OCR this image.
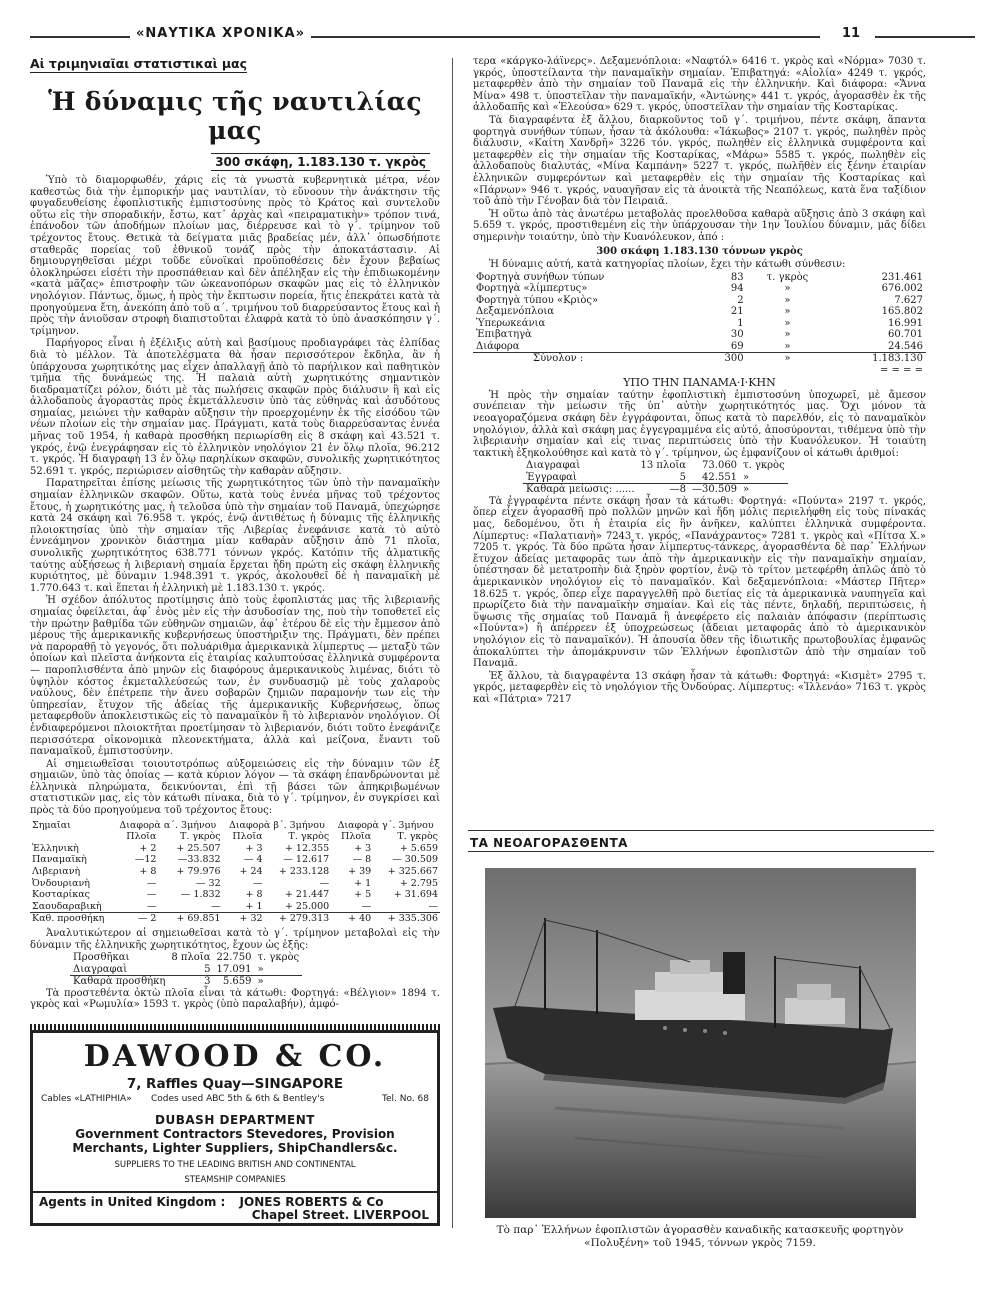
«ΝΑΥΤΙΚΑ ΧΡΟΝΙΚΑ»	11
Αἱ τριμηνιαῖαι στατιστικαὶ μας
Ἡ δύναμις τῆς ναυτιλίας μας
300 σκάφη, 1.183.130 τ. γκρὸς

Ὑπὸ τὸ διαμορφωθέν, χάρις εἰς τὰ γνωστὰ κυβερνητικὰ μέτρα, νέον καθεστὼς διὰ τὴν ἐμπορικήν μας ναυτιλίαν, τὸ εὔνοουν τὴν ἀνάκτησιν τῆς φυγαδευθείσης ἐφοπλιστικῆς ἐμπιστοσύνης πρὸς τὸ Κράτος καὶ συντελοῦν οὕτω εἰς τὴν σποραδικήν, ἔστω, κατ᾽ ἀρχὰς καὶ «πειραματικὴν» τρόπον τινά, ἐπάνοδον τῶν ἀποδήμων πλοίων μας, διέρρευσε καὶ τὸ γ΄. τρίμηνον τοῦ τρέχοντος ἔτους. Θετικὰ τὰ δείγματα μιᾶς βραδείας μέν, ἀλλ᾽ ὁπωσδήποτε σταθερᾶς πορείας τοῦ ἐθνικοῦ τονάζ πρὸς τὴν ἀποκατάστασιν. Αἱ δημιουργηθεῖσαι μέχρι τοῦδε εὐνοϊκαὶ προϋποθέσεις δὲν ἔχουν βεβαίως ὁλοκληρώσει εἰσέτι τὴν προσπάθειαν καὶ δὲν ἀπέληξαν εἰς τὴν ἐπιδιωκομένην «κατὰ μᾶζας» ἐπιστροφὴν τῶν ὠκεανοπόρων σκαφῶν μας εἰς τὸ ἑλληνικὸν νηολόγιον. Πάντως, ὅμως, ἡ πρὸς τὴν ἔκπτωσιν πορεία, ἥτις ἐπεκράτει κατὰ τὰ προηγούμενα ἔτη, ἀνεκόπη ἀπὸ τοῦ α΄. τριμήνου τοῦ διαρρεύσαντος ἔτους καὶ ἡ πρὸς τὴν ἀνιοῦσαν στροφὴ διαπιστοῦται ἐλαφρὰ κατὰ τὸ ὑπὸ ἀνασκόπησιν γ΄. τρίμηνον.

Παρήγορος εἶναι ἡ ἐξέλιξις αὐτὴ καὶ βασίμους προδιαγράφει τὰς ἐλπίδας διὰ τὸ μέλλον. Τὰ ἀποτελέσματα θὰ ἦσαν περισσότερον ἔκδηλα, ἂν ἡ ὑπάρχουσα χωρητικότης μας εἶχεν ἀπαλλαγῇ ἀπὸ τὸ παρήλικον καὶ παθητικὸν τμῆμα τῆς δυνάμεώς της. Ἡ παλαιὰ αὐτὴ χωρητικότης σημαντικὸν διαδραματίζει ρόλον, διότι μὲ τὰς πωλήσεις σκαφῶν πρὸς διάλυσιν ἢ καὶ εἰς ἀλλοδαποὺς ἀγοραστὰς πρὸς ἐκμετάλλευσιν ὑπὸ τὰς εὐθηνὰς καὶ ἀσυδότους σημαίας, μειώνει τὴν καθαρὰν αὔξησιν τὴν προερχομένην ἐκ τῆς εἰσόδου τῶν νέων πλοίων εἰς τὴν σημαίαν μας. Πράγματι, κατὰ τοὺς διαρρεύσαντας ἐννέα μῆνας τοῦ 1954, ἡ καθαρὰ προσθήκη περιωρίσθη εἰς 8 σκάφη καὶ 43.521 τ. γκρός, ἐνῷ ἐνεγράφησαν εἰς τὸ ἑλληνικὸν νηολόγιον 21 ἐν ὅλῳ πλοῖα, 96.212 τ. γκρός. Ἡ διαγραφὴ 13 ἐν ὅλῳ παρηλίκων σκαφῶν, συνολικῆς χωρητικότητος 52.691 τ. γκρός, περιώρισεν αἰσθητῶς τὴν καθαρὰν αὔξησιν.

Παρατηρεῖται ἐπίσης μείωσις τῆς χωρητικότητος τῶν ὑπὸ τὴν παναμαϊκὴν σημαίαν ἑλληνικῶν σκαφῶν. Οὕτω, κατὰ τοὺς ἐννέα μῆνας τοῦ τρέχοντος ἔτους, ἡ χωρητικότης μας, ἡ τελοῦσα ὑπὸ τὴν σημαίαν τοῦ Παναμᾶ, ὑπεχώρησε κατὰ 24 σκάφη καὶ 76.958 τ. γκρός, ἐνῷ ἀντιθέτως ἡ δύναμις τῆς ἑλληνικῆς πλοιοκτησίας ὑπὸ τὴν σημαίαν τῆς Λιβερίας ἐνεφάνισε κατὰ τὸ αὐτὸ ἐννεάμηνον χρονικὸν διάστημα μίαν καθαρὰν αὔξησιν ἀπὸ 71 πλοῖα, συνολικῆς χωρητικότητος 638.771 τόννων γκρός. Κατόπιν τῆς ἁλματικῆς ταύτης αὐξήσεως ἡ λιβεριανὴ σημαία ἔρχεται ἤδη πρώτη εἰς σκάφη ἑλληνικῆς κυριότητος, μὲ δύναμιν 1.948.391 τ. γκρός, ἀκολουθεῖ δὲ ἡ παναμαϊκὴ μὲ 1.770.643 τ. καὶ ἕπεται ἡ ἑλληνικὴ μὲ 1.183.130 τ. γκρός.

Ἡ σχέδον ἀπόλυτος προτίμησις ἀπὸ τοὺς ἐφοπλιστάς μας τῆς λιβεριανῆς σημαίας ὀφείλεται, ἀφ᾽ ἑνὸς μὲν εἰς τὴν ἀσυδοσίαν της, ποὺ τὴν τοποθετεῖ εἰς τὴν πρώτην βαθμίδα τῶν εὐθηνῶν σημαιῶν, ἀφ᾽ ἑτέρου δὲ εἰς τὴν ἔμμεσον ἀπὸ μέρους τῆς ἀμερικανικῆς κυβερνήσεως ὑποστήριξιν της. Πράγματι, δὲν πρέπει νὰ παροραθῇ τὸ γεγονός, ὅτι πολυάριθμα ἀμερικανικὰ λίμπερτυς — μεταξὺ τῶν ὁποίων καὶ πλεῖστα ἀνήκοντα εἰς ἑταιρίας καλυπτούσας ἑλληνικὰ συμφέροντα — παροπλισθέντα ἀπὸ μηνῶν εἰς διαφόρους ἀμερικανικοὺς λιμένας, διότι τὸ ὑψηλὸν κόστος ἐκμεταλλεύσεώς των, ἐν συνδυασμῷ μὲ τοὺς χαλαροὺς ναύλους, δὲν ἐπέτρεπε τὴν ἄνευ σοβαρῶν ζημιῶν παραμονήν των εἰς τὴν ὑπηρεσίαν, ἔτυχον τῆς ἀδείας τῆς ἀμερικανικῆς Κυβερνήσεως, ὅπως μεταφερθοῦν ἀποκλειστικῶς εἰς τὸ παναμαϊκὸν ἢ τὸ λιβεριανὸν νηολόγιον. Οἱ ἐνδιαφερόμενοι πλοιοκτῆται προετίμησαν τὸ λιβεριανόν, διότι τοῦτο ἐνεφάνιζε περισσότερα οἰκονομικὰ πλεονεκτήματα, ἀλλὰ καὶ μείζονα, ἔναντι τοῦ παναμαϊκοῦ, ἐμπιστοσύνην.

Αἱ σημειωθεῖσαι τοιουτοτρόπως αὐξομειώσεις εἰς τὴν δύναμιν τῶν ἐξ σημαιῶν, ὑπὸ τὰς ὁποίας — κατὰ κύριον λόγον — τὰ σκάφη ἐπανδρώνονται μὲ ἑλληνικὰ πληρώματα, δεικνύονται, ἐπὶ τῇ βάσει τῶν ἀπηκριβωμένων στατιστικῶν μας, εἰς τὸν κάτωθι πίνακα, διὰ τὸ γ΄. τρίμηνον, ἐν συγκρίσει καὶ πρὸς τὰ δύο προηγούμενα τοῦ τρέχοντος ἔτους:

Σημαῖαι	Διαφορὰ α΄. 3μήνου		Διαφορὰ β΄. 3μήνου		Διαφορὰ γ΄. 3μήνου	
	Πλοῖα	Τ. γκρὸς	Πλοῖα	Τ. γκρὸς	Πλοῖα	Τ. γκρὸς
Ἑλληνικὴ	+ 2	+ 25.507	+ 3	+ 12.355	+ 3	+ 5.659
Παναμαϊκὴ	—12	—33.832	— 4	— 12.617	— 8	— 30.509
Λιβεριανὴ	+ 8	+ 79.976	+ 24	+ 233.128	+ 39	+ 325.667
Ὀνδουριανὴ	—	— 32	—	—	+ 1	+ 2.795
Κοσταρίκας	—	— 1.832	+ 8	+ 21.447	+ 5	+ 31.694
Σαουδαραβικὴ	—	—	+ 1	+ 25.000	—	—
Καθ. προσθήκη	— 2	+ 69.851	+ 32	+ 279.313	+ 40	+ 335.306

Ἀναλυτικώτερον αἱ σημειωθεῖσαι κατὰ τὸ γ΄. τρίμηνον μεταβολαὶ εἰς τὴν δύναμιν τῆς ἑλληνικῆς χωρητικότητος, ἔχουν ὡς ἑξῆς:

Προσθῆκαι	8 πλοῖα	22.750	τ. γκρὸς
Διαγραφαὶ	5	17.091	»
Καθαρὰ προσθήκη	3	5.659	»

Τὰ προστεθέντα ὀκτὼ πλοῖα εἶναι τὰ κάτωθι: Φορτηγά: «Βέλγιον» 1894 τ. γκρὸς καὶ «Ρωμυλία» 1593 τ. γκρὸς (ὑπὸ παραλαβήν), ἀμφό-

DAWOOD & CO.
7, Raffles Quay—SINGAPORE
Cables «LATHIPHIA» Codes used ABC 5th & 6th & Bentley's	Tel. No. 68
DUBASH DEPARTMENT
Government Contractors Stevedores, Provision
Merchants, Lighter Suppliers, ShipChandlers&c.
SUPPLIERS TO THE LEADING BRITISH AND CONTINENTAL
STEAMSHIP COMPANIES
Agents in United Kingdom : JONES ROBERTS & Co
Chapel Street. LIVERPOOL

τερα «κάργκο-λάϊνερς». Δεξαμενόπλοια: «Ναφτόλ» 6416 τ. γκρὸς καὶ «Νόρμα» 7030 τ. γκρός, ὑποστείλαντα τὴν παναμαϊκὴν σημαίαν. Ἐπιβατηγά: «Αἰολία» 4249 τ. γκρός, μεταφερθὲν ἀπὸ τὴν σημαίαν τοῦ Παναμᾶ εἰς τὴν ἑλληνικήν. Καὶ διάφορα: «Ἄννα Μίνα» 498 τ. ὑποστεῖλαν τὴν παναμαϊκήν, «Ἀντώνης» 441 τ. γκρός, ἀγορασθὲν ἐκ τῆς ἀλλοδαπῆς καὶ «Ἐλεούσα» 629 τ. γκρός, ὑποστεῖλαν τὴν σημαίαν τῆς Κοσταρίκας.

Τὰ διαγραφέντα ἐξ ἄλλου, διαρκοῦντος τοῦ γ΄. τριμήνου, πέντε σκάφη, ἅπαντα φορτηγὰ συνήθων τύπων, ἦσαν τὰ ἀκόλουθα: «Ἰάκωβος» 2107 τ. γκρός, πωληθὲν πρὸς διάλυσιν, «Καίτη Χανδρῆ» 3226 τόν. γκρός, πωληθὲν εἰς ἑλληνικὰ συμφέροντα καὶ μεταφερθὲν εἰς τὴν σημαίαν τῆς Κοσταρίκας, «Μάρω» 5585 τ. γκρός, πωληθὲν εἰς ἀλλοδαποὺς διαλυτάς, «Μίνα Καμπάνη» 5227 τ. γκρός, πωλῆθὲν εἰς ξένην ἑταιρίαν ἑλληνικῶν συμφερόντων καὶ μεταφερθὲν εἰς τὴν σημαίαν τῆς Κοσταρίκας καὶ «Πάρνων» 946 τ. γκρός, ναυαγῆσαν εἰς τὰ ἀνοικτὰ τῆς Νεαπόλεως, κατὰ ἕνα ταξίδιον τοῦ ἀπὸ τὴν Γένοβαν διὰ τὸν Πειραιᾶ.

Ἡ οὕτω ἀπὸ τὰς ἀνωτέρω μεταβολὰς προελθοῦσα καθαρὰ αὔξησις ἀπὸ 3 σκάφη καὶ 5.659 τ. γκρός, προστιθεμένη εἰς τὴν ὑπάρχουσαν τὴν 1ην Ἰουλίου δύναμιν, μᾶς δίδει σημερινὴν τοιαύτην, ὑπὸ τὴν Κυανόλευκον, ἀπό :

300 σκάφη 1.183.130 τόννων γκρὸς

Ἡ δύναμις αὐτή, κατὰ κατηγορίας πλοίων, ἔχει τὴν κάτωθι σύνθεσιν:

Φορτηγὰ συνήθων τύπων	83	τ. γκρὸς	231.461
Φορτηγὰ «λίμπερτυς»	94	»	676.002
Φορτηγὰ τύπου «Κριὸς»	2	»	7.627
Δεξαμενόπλοια	21	»	165.802
Ὑπερωκεάνια	1	»	16.991
Ἐπιβατηγὰ	30	»	60.701
Διάφορα	69	»	24.546
Σύνολον :	300	»	1.183.130
			= = = =

ΥΠΟ ΤΗΝ ΠΑΝΑΜΑ·Ι·ΚΗΝ

Ἡ πρὸς τὴν σημαίαν ταύτην ἐφοπλιστικὴ ἐμπιστοσύνη ὑποχωρεῖ, μὲ ἄμεσον συνέπειαν τὴν μείωσιν τῆς ὑπ᾽ αὐτὴν χωρητικότητός μας. Ὄχι μόνον τὰ νεοαγοραζόμενα σκάφη δὲν ἐγγράφονται, ὅπως κατὰ τὸ παρελθόν, εἰς τὸ παναμαϊκὸν νηολόγιον, ἀλλὰ καὶ σκάφη μας ἐγγεγραμμένα εἰς αὐτό, ἀποσύρονται, τιθέμενα ὑπὸ τὴν λιβεριανὴν σημαίαν καὶ εἰς τινας περιπτώσεις ὑπὸ τὴν Κυανόλευκον. Ἡ τοιαύτη τακτικὴ ἐξηκολούθησε καὶ κατὰ τὸ γ΄. τρίμηνον, ὡς ἐμφανίζουν οἱ κάτωθι ἀριθμοί:

Διαγραφαὶ	13 πλοῖα	73.060	τ. γκρὸς
Ἐγγραφαὶ	5	42.551	»
Καθαρὰ μείωσις: ......	—8	—30.509	»

Τὰ ἐγγραφέντα πέντε σκάφη ἦσαν τὰ κάτωθι: Φορτηγά: «Πούντα» 2197 τ. γκρός, ὅπερ εἶχεν ἀγορασθῆ πρὸ πολλῶν μηνῶν καὶ ἤδη μόλις περιελήφθη εἰς τοὺς πίνακάς μας, δεδομένου, ὅτι ἡ ἑταιρία εἰς ἣν ἀνῆκεν, καλύπτει ἑλληνικὰ συμφέροντα. Λίμπερτυς: «Παλατιανὴ» 7243 τ. γκρός, «Πανάχραντος» 7281 τ. γκρὸς καὶ «Πίτσα Χ.» 7205 τ. γκρός. Τὰ δύο πρῶτα ἦσαν λίμπερτυς-τάνκερς, ἀγορασθέντα δὲ παρ᾽ Ἑλλήνων ἔτυχον ἀδείας μεταφορᾶς των ἀπὸ τὴν ἀμερικανικὴν εἰς τὴν παναμαϊκὴν σημαίαν, ὑπέστησαν δὲ μετατροπὴν διὰ ξηρὸν φορτίον, ἐνῷ τὸ τρίτον μετεφέρθη ἁπλῶς ἀπὸ τὸ ἀμερικανικὸν νηολόγιον εἰς τὸ παναμαϊκόν. Καὶ δεξαμενόπλοια: «Μάστερ Πῆτερ» 18.625 τ. γκρός, ὅπερ εἶχε παραγγελθῆ πρὸ διετίας εἰς τὰ ἀμερικανικὰ ναυπηγεῖα καὶ πρωρίζετο διὰ τὴν παναμαϊκὴν σημαίαν. Καὶ εἰς τὰς πέντε, δηλαδή, περιπτώσεις, ἡ ὕψωσις τῆς σημαίας τοῦ Παναμᾶ ἢ ἀνεφέρετο εἰς παλαιὰν ἀπόφασιν (περίπτωσις «Πούντα») ἢ ἀπέρρεεν ἐξ ὑποχρεώσεως (ἄδειαι μεταφορᾶς ἀπὸ τὸ ἀμερικανικὸν νηολόγιον εἰς τὸ παναμαϊκόν). Ἡ ἀπουσία ὅθεν τῆς ἰδιωτικῆς πρωτοβουλίας ἐμφανῶς ἀποκαλύπτει τὴν ἀπομάκρυνσιν τῶν Ἑλλήνων ἐφοπλιστῶν ἀπὸ τὴν σημαίαν τοῦ Παναμᾶ.

Ἐξ ἄλλου, τὰ διαγραφέντα 13 σκάφη ἦσαν τὰ κάτωθι: Φορτηγά: «Κισμὲτ» 2795 τ. γκρός, μεταφερθὲν εἰς τὸ νηολόγιον τῆς Ὀνδούρας. Λίμπερτυς: «Ἰλλενάο» 7163 τ. γκρὸς καὶ «Πάτρια» 7217

ΤΑ ΝΕΟΑΓΟΡΑΣΘΕΝΤΑ
Τὸ παρ᾽ Ἑλλήνων ἐφοπλιστῶν ἀγορασθὲν καναδικῆς κατασκευῆς φορτηγὸν «Πολυξένη» τοῦ 1945, τόννων γκρὸς 7159.
